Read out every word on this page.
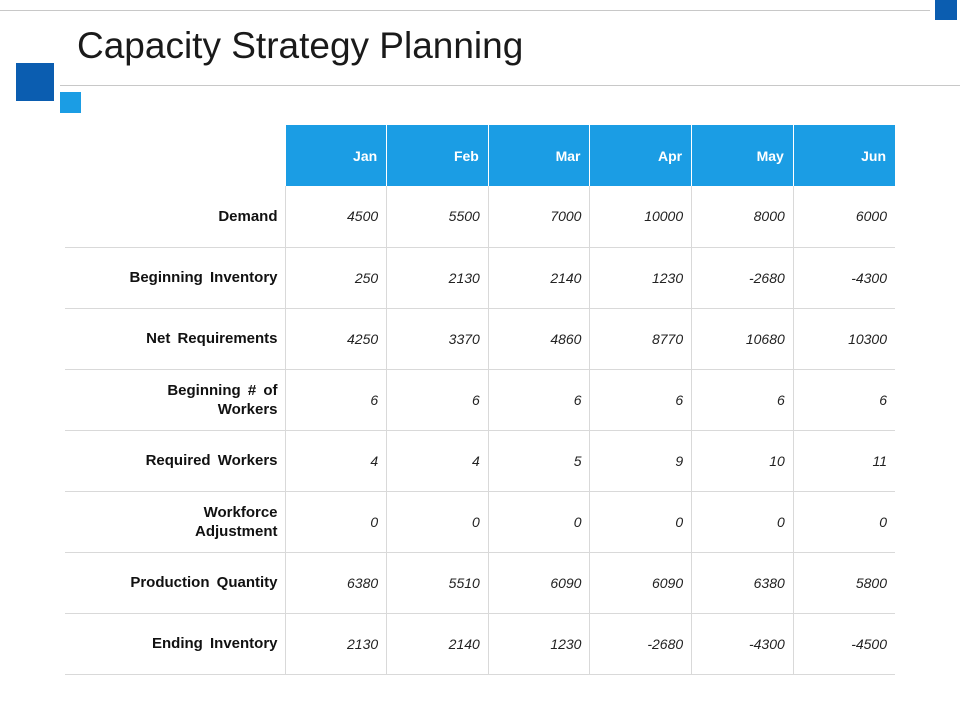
Capacity Strategy Planning
	Jan	Feb	Mar	Apr	May	Jun
Demand	4500	5500	7000	10000	8000	6000
Beginning Inventory	250	2130	2140	1230	-2680	-4300
Net Requirements	4250	3370	4860	8770	10680	10300
Beginning # of Workers	6	6	6	6	6	6
Required Workers	4	4	5	9	10	11
Workforce Adjustment	0	0	0	0	0	0
Production Quantity	6380	5510	6090	6090	6380	5800
Ending Inventory	2130	2140	1230	-2680	-4300	-4500
